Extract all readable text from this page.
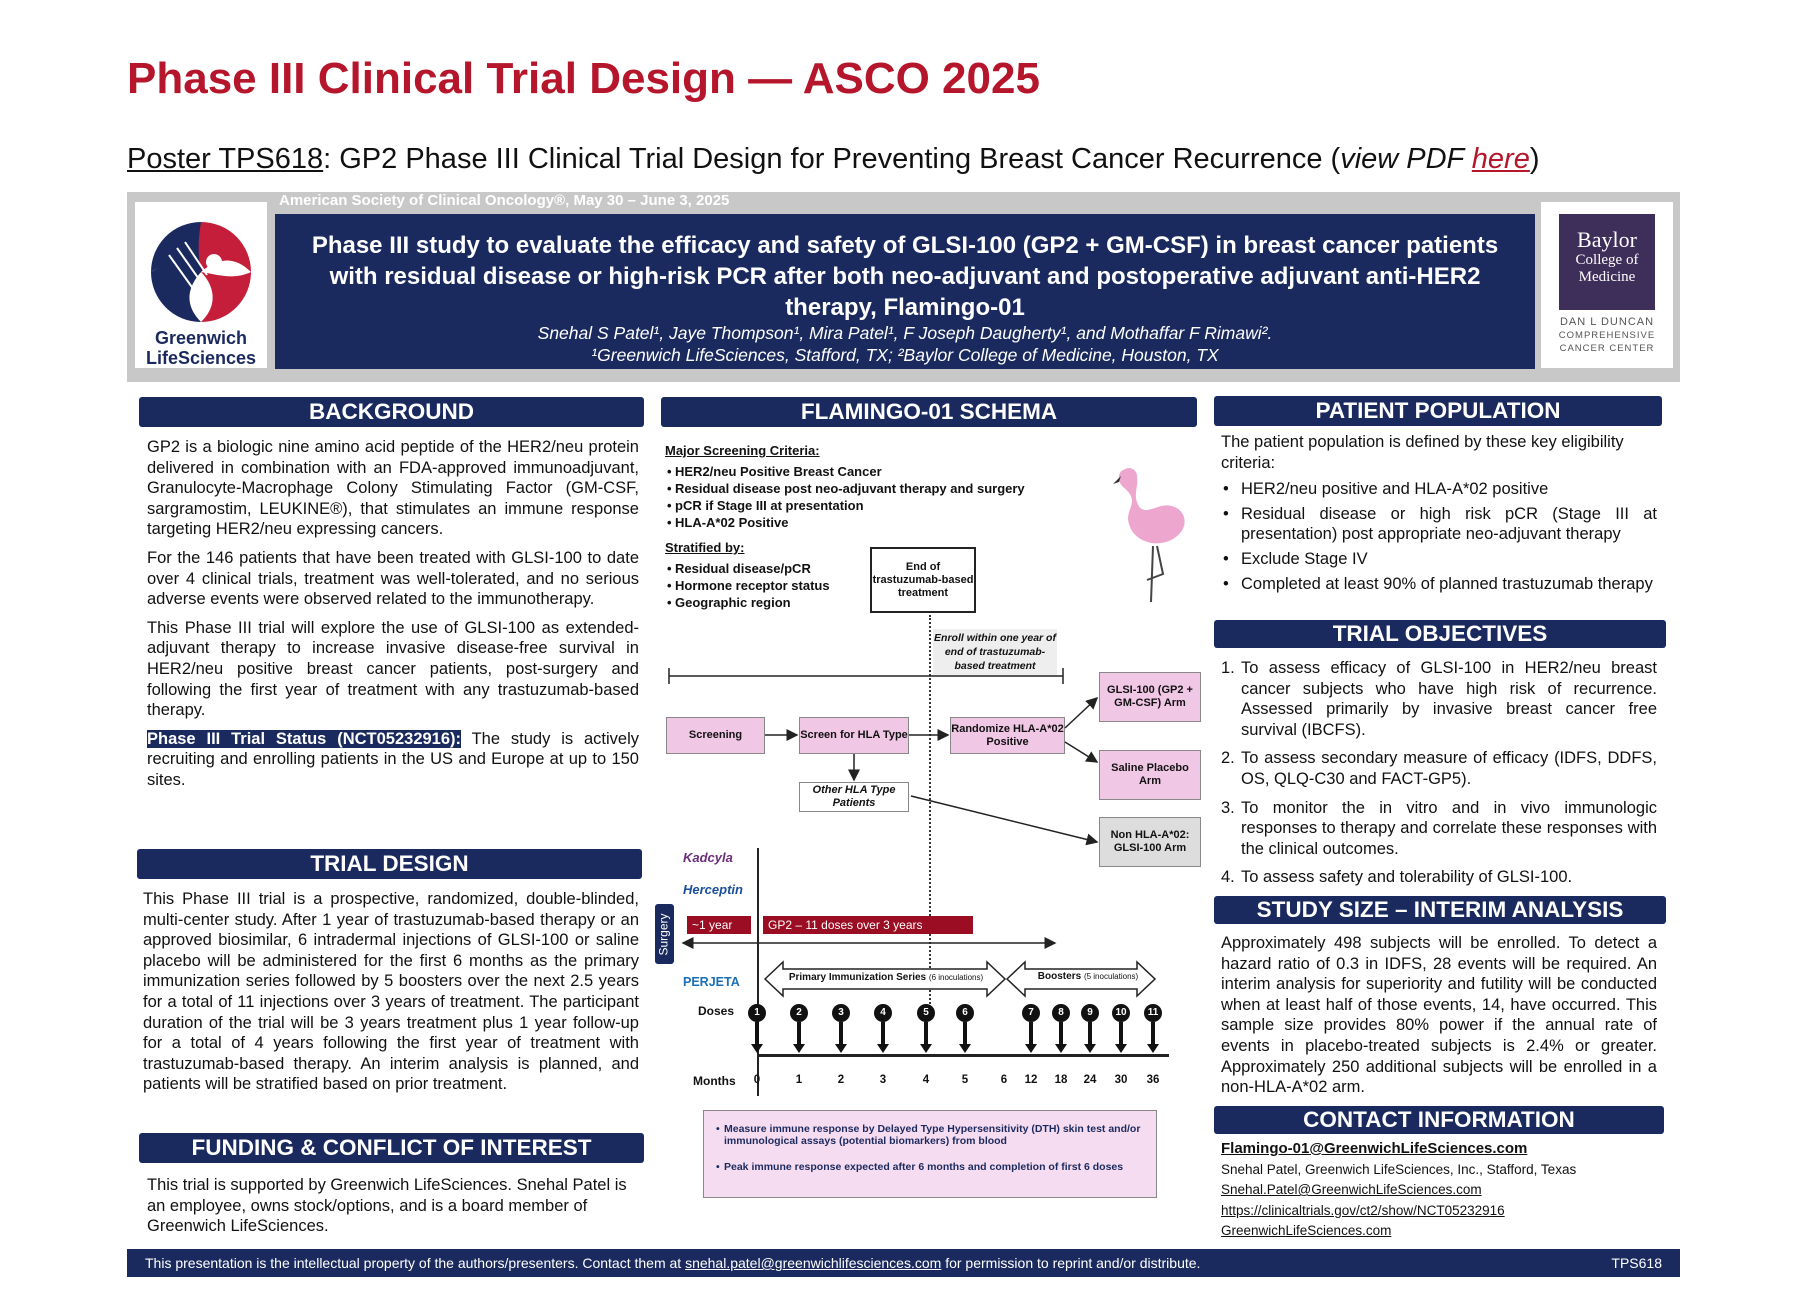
Phase III Clinical Trial Design — ASCO 2025
Poster TPS618: GP2 Phase III Clinical Trial Design for Preventing Breast Cancer Recurrence (view PDF here)
Greenwich
LifeSciences
American Society of Clinical Oncology®, May 30 – June 3, 2025
Phase III study to evaluate the efficacy and safety of GLSI-100 (GP2 + GM-CSF) in breast cancer patients with residual disease or high-risk PCR after both neo-adjuvant and postoperative adjuvant anti-HER2 therapy, Flamingo-01
Snehal S Patel¹, Jaye Thompson¹, Mira Patel¹, F Joseph Daugherty¹, and Mothaffar F Rimawi².
¹Greenwich LifeSciences, Stafford, TX; ²Baylor College of Medicine, Houston, TX
Baylor
College of
Medicine
DAN L DUNCAN
COMPREHENSIVE
CANCER CENTER
BACKGROUND

GP2 is a biologic nine amino acid peptide of the HER2/neu protein delivered in combination with an FDA-approved immunoadjuvant, Granulocyte-Macrophage Colony Stimulating Factor (GM-CSF, sargramostim, LEUKINE®), that stimulates an immune response targeting HER2/neu expressing cancers.

For the 146 patients that have been treated with GLSI-100 to date over 4 clinical trials, treatment was well-tolerated, and no serious adverse events were observed related to the immunotherapy.

This Phase III trial will explore the use of GLSI-100 as extended-adjuvant therapy to increase invasive disease-free survival in HER2/neu positive breast cancer patients, post-surgery and following the first year of treatment with any trastuzumab-based therapy.

Phase III Trial Status (NCT05232916): The study is actively recruiting and enrolling patients in the US and Europe at up to 150 sites.

TRIAL DESIGN
This Phase III trial is a prospective, randomized, double-blinded, multi-center study. After 1 year of trastuzumab-based therapy or an approved biosimilar, 6 intradermal injections of GLSI-100 or saline placebo will be administered for the first 6 months as the primary immunization series followed by 5 boosters over the next 2.5 years for a total of 11 injections over 3 years of treatment. The participant duration of the trial will be 3 years treatment plus 1 year follow-up for a total of 4 years following the first year of treatment with trastuzumab-based therapy. An interim analysis is planned, and patients will be stratified based on prior treatment.
FUNDING & CONFLICT OF INTEREST
This trial is supported by Greenwich LifeSciences. Snehal Patel is an employee, owns stock/options, and is a board member of Greenwich LifeSciences.
FLAMINGO-01 SCHEMA
Major Screening Criteria:
• HER2/neu Positive Breast Cancer
• Residual disease post neo-adjuvant therapy and surgery
• pCR if Stage III at presentation
• HLA-A*02 Positive
Stratified by:
• Residual disease/pCR
• Hormone receptor status
• Geographic region
End of trastuzumab-based treatment
Enroll within one year of end of trastuzumab-based treatment
Screening	Screen for HLA Type
Randomize HLA-A*02 Positive
Other HLA Type Patients
GLSI-100 (GP2 + GM-CSF) Arm
Saline Placebo Arm
Non HLA-A*02: GLSI-100 Arm
Kadcyla
Herceptin
PERJETA
Surgery	~1 year	GP2 – 11 doses over 3 years
Primary Immunization Series (6 inoculations)	Boosters (5 inoculations)
Doses
Months
1	2	3	4	5	6	7	8	9	10	11
0	1	2	3	4	5	6	12	18	24	30	36
• Measure immune response by Delayed Type Hypersensitivity (DTH) skin test and/or immunological assays (potential biomarkers) from blood
• Peak immune response expected after 6 months and completion of first 6 doses
PATIENT POPULATION

The patient population is defined by these key eligibility criteria:

• HER2/neu positive and HLA-A*02 positive
• Residual disease or high risk pCR (Stage III at presentation) post appropriate neo-adjuvant therapy
• Exclude Stage IV
• Completed at least 90% of planned trastuzumab therapy
TRIAL OBJECTIVES
1. To assess efficacy of GLSI-100 in HER2/neu breast cancer subjects who have high risk of recurrence. Assessed primarily by invasive breast cancer free survival (IBCFS).
2. To assess secondary measure of efficacy (IDFS, DDFS, OS, QLQ-C30 and FACT-GP5).
3. To monitor the in vitro and in vivo immunologic responses to therapy and correlate these responses with the clinical outcomes.
4. To assess safety and tolerability of GLSI-100.
STUDY SIZE – INTERIM ANALYSIS
Approximately 498 subjects will be enrolled. To detect a hazard ratio of 0.3 in IDFS, 28 events will be required. An interim analysis for superiority and futility will be conducted when at least half of those events, 14, have occurred. This sample size provides 80% power if the annual rate of events in placebo-treated subjects is 2.4% or greater. Approximately 250 additional subjects will be enrolled in a non-HLA-A*02 arm.
CONTACT INFORMATION
Flamingo-01@GreenwichLifeSciences.com
Snehal Patel, Greenwich LifeSciences, Inc., Stafford, Texas
Snehal.Patel@GreenwichLifeSciences.com
https://clinicaltrials.gov/ct2/show/NCT05232916
GreenwichLifeSciences.com
This presentation is the intellectual property of the authors/presenters. Contact them at snehal.patel@greenwichlifesciences.com for permission to reprint and/or distribute.	TPS618
